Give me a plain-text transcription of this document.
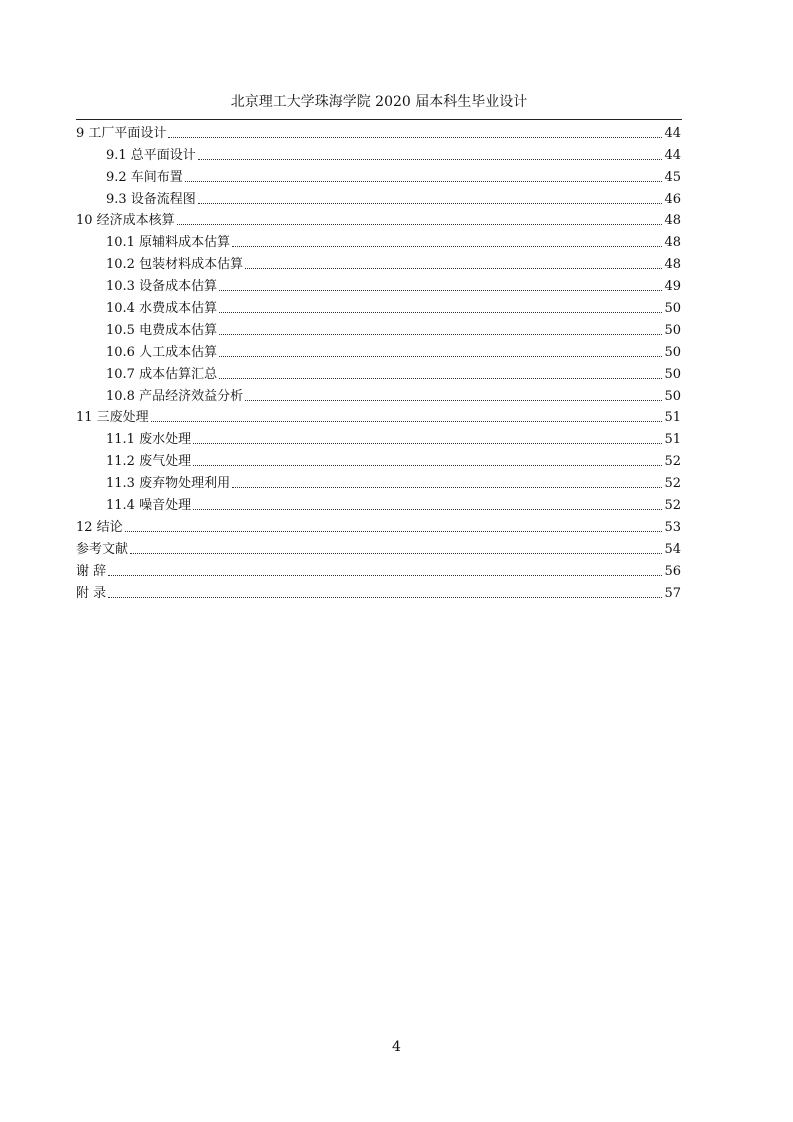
北京理工大学珠海学院 2020 届本科生毕业设计
9 工厂平面设计	44
9.1 总平面设计	44
9.2 车间布置	45
9.3 设备流程图	46
10 经济成本核算	48
10.1 原辅料成本估算	48
10.2 包装材料成本估算	48
10.3 设备成本估算	49
10.4 水费成本估算	50
10.5 电费成本估算	50
10.6 人工成本估算	50
10.7 成本估算汇总	50
10.8 产品经济效益分析	50
11 三废处理	51
11.1 废水处理	51
11.2 废气处理	52
11.3 废弃物处理利用	52
11.4 噪音处理	52
12 结论	53
参考文献	54
谢 辞	56
附 录	57
4
